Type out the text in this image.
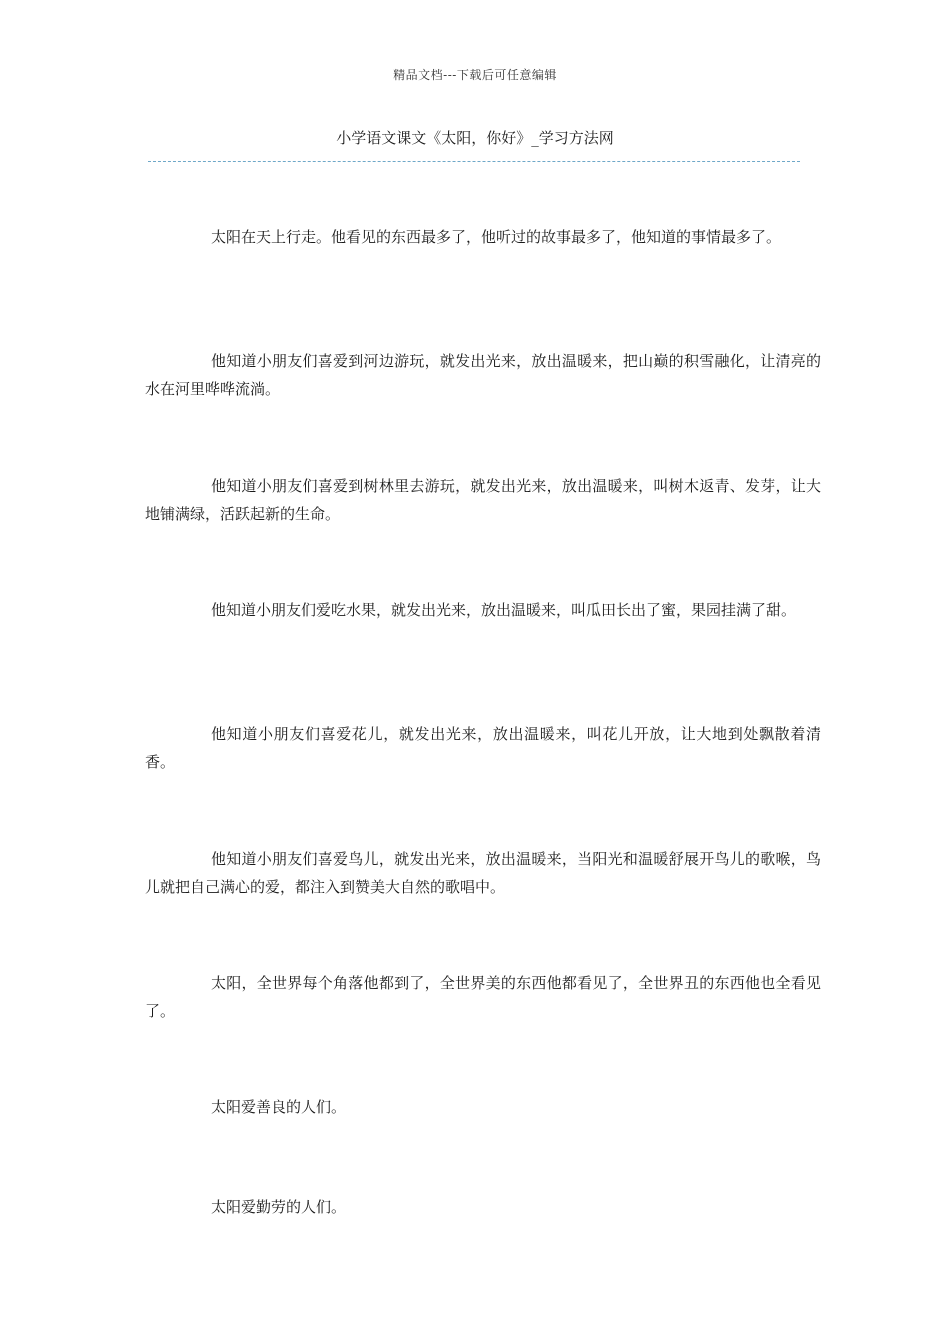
精品文档---下载后可任意编辑
小学语文课文《太阳，你好》_学习方法网

太阳在天上行走。他看见的东西最多了，他听过的故事最多了，他知道的事情最多了。

他知道小朋友们喜爱到河边游玩，就发出光来，放出温暖来，把山巅的积雪融化，让清亮的水在河里哗哗流淌。

他知道小朋友们喜爱到树林里去游玩，就发出光来，放出温暖来，叫树木返青、发芽，让大地铺满绿，活跃起新的生命。

他知道小朋友们爱吃水果，就发出光来，放出温暖来，叫瓜田长出了蜜，果园挂满了甜。

他知道小朋友们喜爱花儿，就发出光来，放出温暖来，叫花儿开放，让大地到处飘散着清香。

他知道小朋友们喜爱鸟儿，就发出光来，放出温暖来，当阳光和温暖舒展开鸟儿的歌喉，鸟儿就把自己满心的爱，都注入到赞美大自然的歌唱中。

太阳，全世界每个角落他都到了，全世界美的东西他都看见了，全世界丑的东西他也全看见了。

太阳爱善良的人们。

太阳爱勤劳的人们。
